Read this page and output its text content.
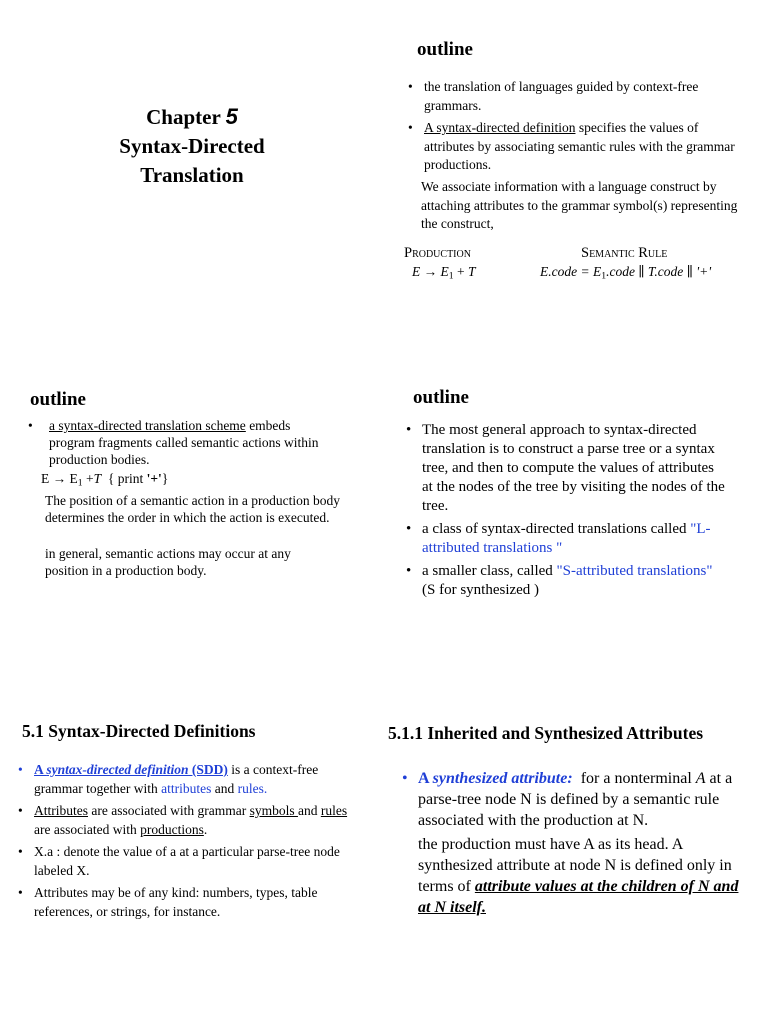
Chapter 5
Syntax-Directed
Translation
outline
• the translation of languages guided by context-free grammars.
• A syntax-directed definition specifies the values of attributes by associating semantic rules with the grammar productions.
We associate information with a language construct by attaching attributes to the grammar symbol(s) representing the construct,
Production	Semantic Rule
$E \to E_1 + T$	E.code = $E_1.code$ ∥ T.code ∥ '+'
outline
• a syntax-directed translation scheme embeds program fragments called semantic actions within production bodies.
$E \to E_1 +T$  { print '+'}
The position of a semantic action in a production body determines the order in which the action is executed.
in general, semantic actions may occur at any position in a production body.
outline
• The most general approach to syntax-directed translation is to construct a parse tree or a syntax tree, and then to compute the values of attributes at the nodes of the tree by visiting the nodes of the tree.
• a class of syntax-directed translations called "L-attributed translations "
• a smaller class, called "S-attributed translations" (S for synthesized )
5.1 Syntax-Directed Definitions
• A syntax-directed definition (SDD) is a context-free grammar together with attributes and rules.
• Attributes are associated with grammar symbols and rules are associated with productions.
• X.a : denote the value of a at a particular parse-tree node labeled X.
• Attributes may be of any kind: numbers, types, table references, or strings, for instance.
5.1.1 Inherited and Synthesized Attributes
• A synthesized attribute:  for a nonterminal A at a parse-tree node N is defined by a semantic rule associated with the production at N.
the production must have A as its head. A synthesized attribute at node N is defined only in terms of attribute values at the children of N and at N itself.
